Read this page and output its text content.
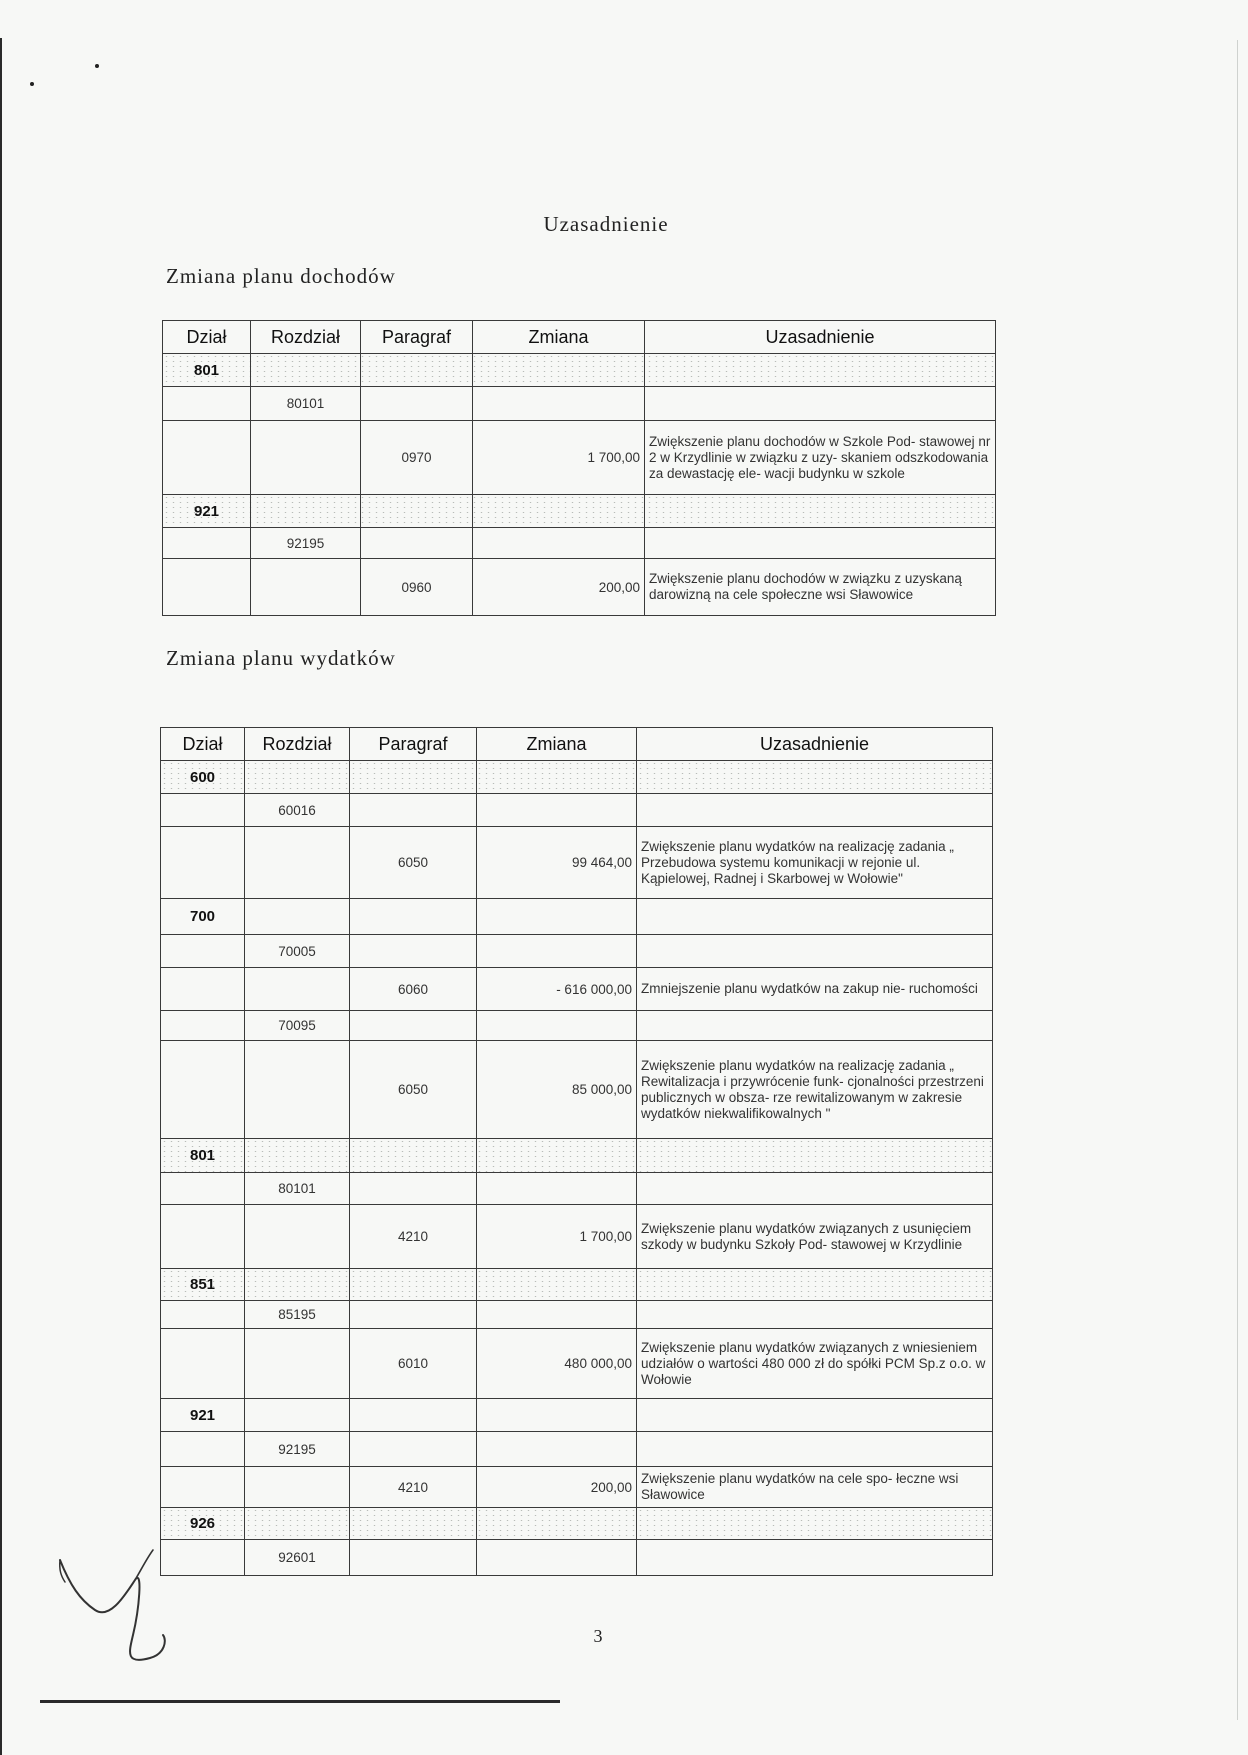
Uzasadnienie
Zmiana planu dochodów
Dział	Rozdział	Paragraf	Zmiana	Uzasadnienie
801				
	80101			
		0970	1 700,00	Zwiększenie planu dochodów w Szkole Pod- stawowej nr 2 w Krzydlinie w związku z uzy- skaniem odszkodowania za dewastację ele- wacji budynku w szkole
921				
	92195			
		0960	200,00	Zwiększenie planu dochodów w związku z uzyskaną darowizną na cele społeczne wsi Sławowice
Zmiana planu wydatków
Dział	Rozdział	Paragraf	Zmiana	Uzasadnienie
600				
	60016			
		6050	99 464,00	Zwiększenie planu wydatków na realizację zadania „ Przebudowa systemu komunikacji w rejonie ul. Kąpielowej, Radnej i Skarbowej w Wołowie"
700				
	70005			
		6060	- 616 000,00	Zmniejszenie planu wydatków na zakup nie- ruchomości
	70095			
		6050	85 000,00	Zwiększenie planu wydatków na realizację zadania „ Rewitalizacja i przywrócenie funk- cjonalności przestrzeni publicznych w obsza- rze rewitalizowanym w zakresie wydatków niekwalifikowalnych "
801				
	80101			
		4210	1 700,00	Zwiększenie planu wydatków związanych z usunięciem szkody w budynku Szkoły Pod- stawowej w Krzydlinie
851				
	85195			
		6010	480 000,00	Zwiększenie planu wydatków związanych z wniesieniem udziałów o wartości 480 000 zł do spółki PCM Sp.z o.o. w Wołowie
921				
	92195			
		4210	200,00	Zwiększenie planu wydatków na cele spo- łeczne wsi Sławowice
926				
	92601			
3
